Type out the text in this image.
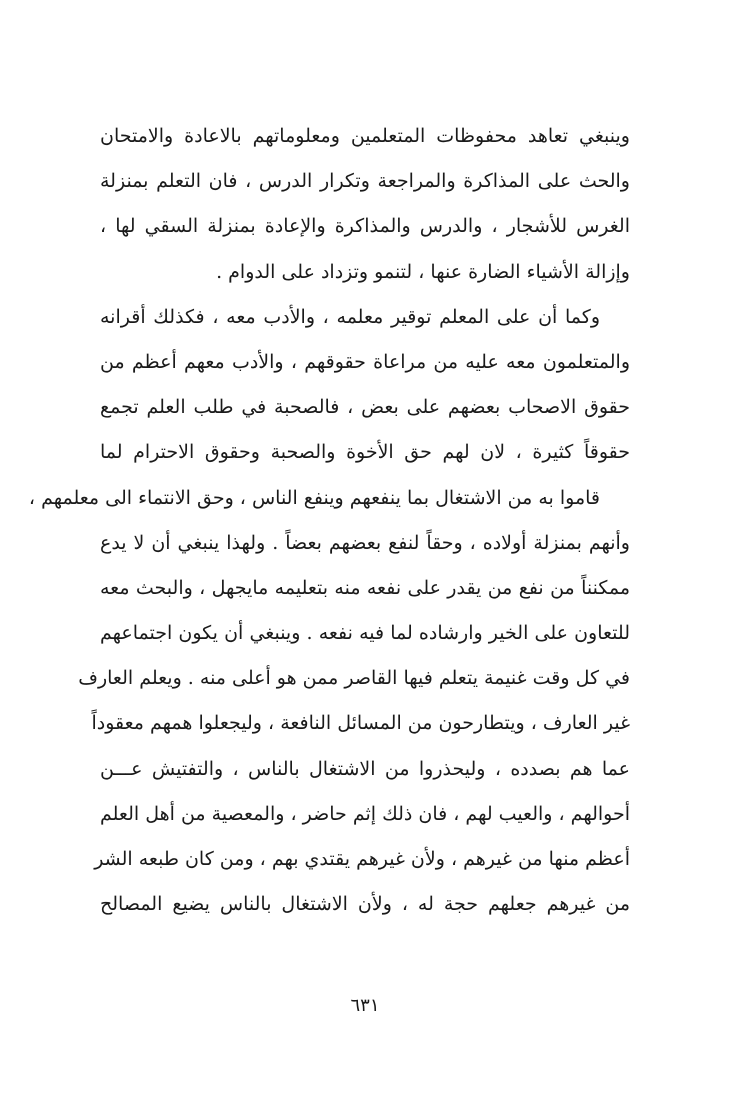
وينبغي تعاهد محفوظات المتعلمين ومعلوماتهم بالاعادة والامتحان
والحث على المذاكرة والمراجعة وتكرار الدرس ، فان التعلم بمنزلة
الغرس للأشجار ، والدرس والمذاكرة والإعادة بمنزلة السقي لها ،
وإزالة الأشياء الضارة عنها ، لتنمو وتزداد على الدوام .
وكما أن على المعلم توقير معلمه ، والأدب معه ، فكذلك أقرانه
والمتعلمون معه عليه من مراعاة حقوقهم ، والأدب معهم أعظم من
حقوق الاصحاب بعضهم على بعض ، فالصحبة في طلب العلم تجمع
حقوقاً كثيرة ، لان لهم حق الأخوة والصحبة وحقوق الاحترام لما
قاموا به من الاشتغال بما ينفعهم وينفع الناس ، وحق الانتماء الى معلمهم ،
وأنهم بمنزلة أولاده ، وحقاً لنفع بعضهم بعضاً . ولهذا ينبغي أن لا يدع
ممكنناً من نفع من يقدر على نفعه منه بتعليمه مايجهل ، والبحث معه
للتعاون على الخير وارشاده لما فيه نفعه . وينبغي أن يكون اجتماعهم
في كل وقت غنيمة يتعلم فيها القاصر ممن هو أعلى منه . ويعلم العارف
غير العارف ، ويتطارحون من المسائل النافعة ، وليجعلوا همهم معقوداً
عما هم بصدده ، وليحذروا من الاشتغال بالناس ، والتفتيش عـــن
أحوالهم ، والعيب لهم ، فان ذلك إثم حاضر ، والمعصية من أهل العلم
أعظم منها من غيرهم ، ولأن غيرهم يقتدي بهم ، ومن كان طبعه الشر
من غيرهم جعلهم حجة له ، ولأن الاشتغال بالناس يضيع المصالح
٦٣١
